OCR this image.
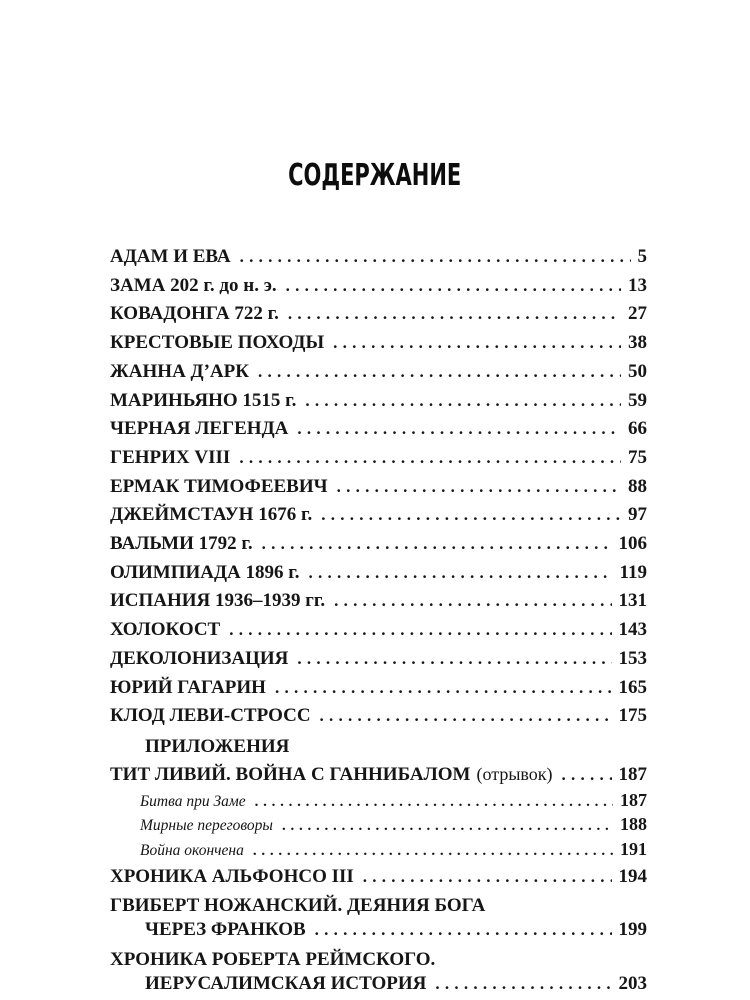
СОДЕРЖАНИЕ
АДАМ И ЕВА . . .	5
ЗАМА 202 г. до н. э. . . .	13
КОВАДОНГА 722 г. . . .	27
КРЕСТОВЫЕ ПОХОДЫ . . .	38
ЖАННА Д’АРК . . .	50
МАРИНЬЯНО 1515 г. . . .	59
ЧЕРНАЯ ЛЕГЕНДА . . .	66
ГЕНРИХ VIII . . .	75
ЕРМАК ТИМОФЕЕВИЧ . . .	88
ДЖЕЙМСТАУН 1676 г. . . .	97
ВАЛЬМИ 1792 г. . . .	106
ОЛИМПИАДА 1896 г. . . .	119
ИСПАНИЯ 1936–1939 гг. . . .	131
ХОЛОКОСТ . . .	143
ДЕКОЛОНИЗАЦИЯ . . .	153
ЮРИЙ ГАГАРИН . . .	165
КЛОД ЛЕВИ-СТРОСС . . .	175
ПРИЛОЖЕНИЯ
ТИТ ЛИВИЙ. ВОЙНА С ГАННИБАЛОМ (отрывок) . . .	187
Битва при Заме . . .	187
Мирные переговоры . . .	188
Война окончена . . .	191
ХРОНИКА АЛЬФОНСО III . . .	194
ГВИБЕРТ НОЖАНСКИЙ. ДЕЯНИЯ БОГА
ЧЕРЕЗ ФРАНКОВ . . .	199
ХРОНИКА РОБЕРТА РЕЙМСКОГО.
ИЕРУСАЛИМСКАЯ ИСТОРИЯ . . .	203
